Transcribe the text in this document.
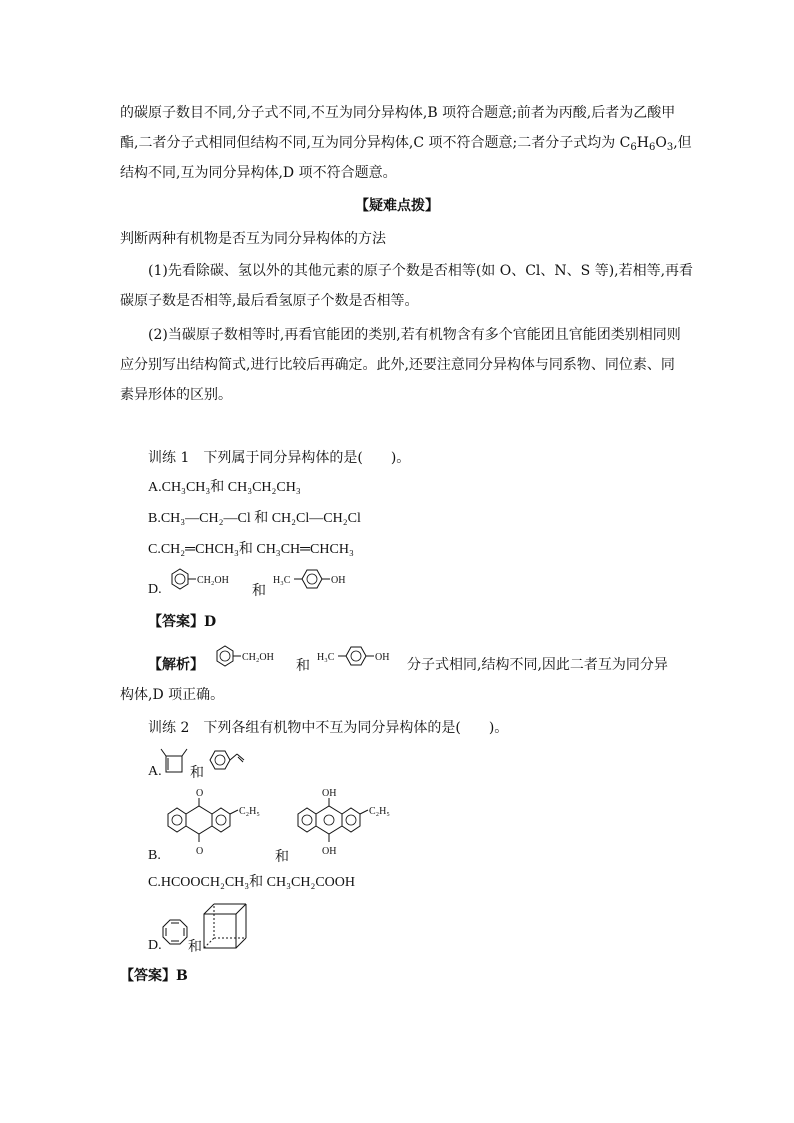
的碳原子数目不同,分子式不同,不互为同分异构体,B 项符合题意;前者为丙酸,后者为乙酸甲
酯,二者分子式相同但结构不同,互为同分异构体,C 项不符合题意;二者分子式均为 $C_6H_6O_3$,但
结构不同,互为同分异构体,D 项不符合题意。
【疑难点拨】
判断两种有机物是否互为同分异构体的方法
(1)先看除碳、氢以外的其他元素的原子个数是否相等(如 O、Cl、N、S 等),若相等,再看
碳原子数是否相等,最后看氢原子个数是否相等。
(2)当碳原子数相等时,再看官能团的类别,若有机物含有多个官能团且官能团类别相同则
应分别写出结构简式,进行比较后再确定。此外,还要注意同分异构体与同系物、同位素、同
素异形体的区别。
训练 1　下列属于同分异构体的是(　　)。
A.CH₃CH₃和 CH₃CH₂CH₃
B.CH₃—CH₂—Cl 和 CH₂Cl—CH₂Cl
C.CH₂═CHCH₃和 CH₃CH═CHCH₃
D.
CH₂OH
和
H₃C	OH
【答案】D
【解析】	CH₂OH
和
H₃C	OH 分子式相同,结构不同,因此二者互为同分异
构体,D 项正确。
训练 2　下列各组有机物中不互为同分异构体的是(　　)。
A. 和
O
C₂H₅
O
B.	和
OH
C₂H₅
OH
C.HCOOCH₂CH₃和 CH₃CH₂COOH
D. 和
【答案】B
